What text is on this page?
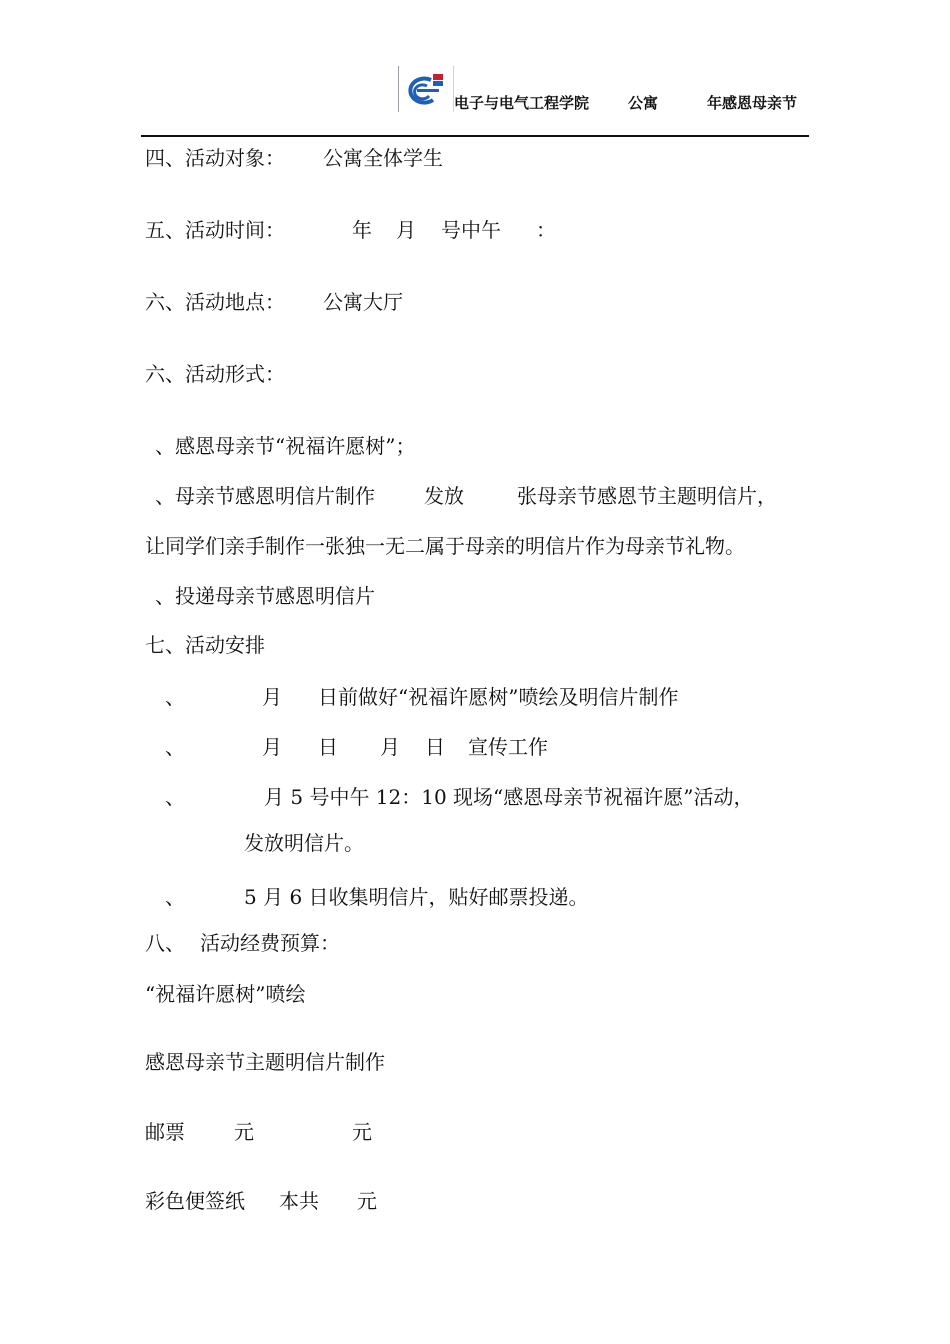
电子与电气工程学院	公寓	年感恩母亲节
四、活动对象： 公寓全体学生
五、活动时间：	年 月 号中午 ：
六、活动地点： 公寓大厅
六、活动形式：
、感恩母亲节“祝福许愿树”；
、母亲节感恩明信片制作 发放	张母亲节感恩节主题明信片，
让同学们亲手制作一张独一无二属于母亲的明信片作为母亲节礼物。
、投递母亲节感恩明信片
七、活动安排
、	月 日前做好“祝福许愿树”喷绘及明信片制作
、	月 日 月 日 宣传工作
、	月 5 号中午 12：10 现场“感恩母亲节祝福许愿”活动，
发放明信片。
、	5 月 6 日收集明信片，贴好邮票投递。
八、 活动经费预算：
“祝福许愿树”喷绘
感恩母亲节主题明信片制作
邮票 元	元
彩色便签纸 本共 元
